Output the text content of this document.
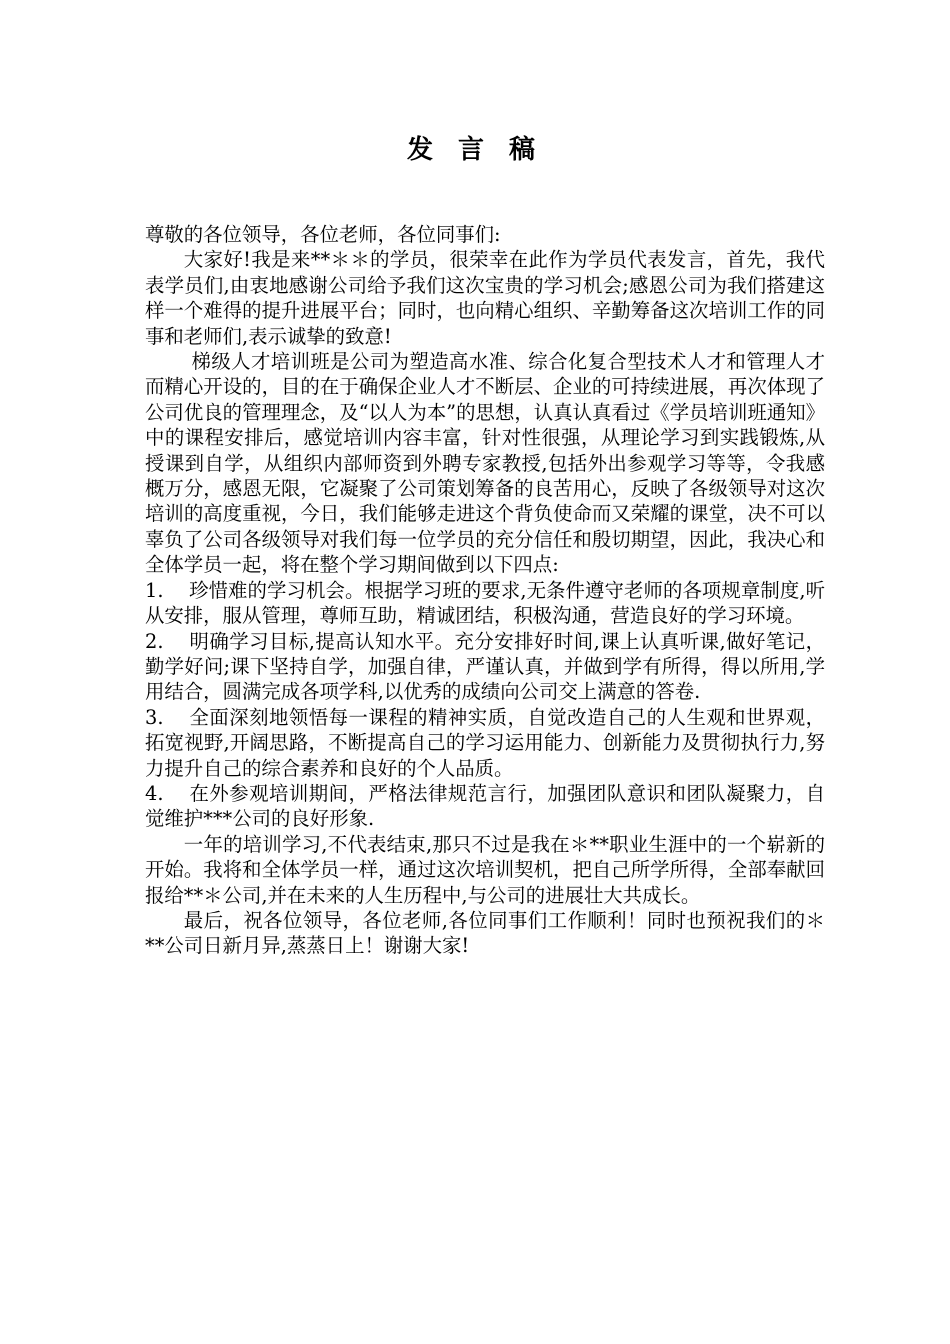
发 言 稿

尊敬的各位领导，各位老师，各位同事们:

大家好!我是来**＊＊的学员，很荣幸在此作为学员代表发言，首先，我代表学员们,由衷地感谢公司给予我们这次宝贵的学习机会;感恩公司为我们搭建这样一个难得的提升进展平台；同时，也向精心组织、辛勤筹备这次培训工作的同事和老师们,表示诚挚的致意!

梯级人才培训班是公司为塑造高水准、综合化复合型技术人才和管理人才而精心开设的，目的在于确保企业人才不断层、企业的可持续进展，再次体现了公司优良的管理理念，及“以人为本”的思想，认真认真看过《学员培训班通知》中的课程安排后，感觉培训内容丰富，针对性很强，从理论学习到实践锻炼,从授课到自学，从组织内部师资到外聘专家教授,包括外出参观学习等等，令我感概万分，感恩无限，它凝聚了公司策划筹备的良苦用心，反映了各级领导对这次培训的高度重视，今日，我们能够走进这个背负使命而又荣耀的课堂，决不可以辜负了公司各级领导对我们每一位学员的充分信任和殷切期望，因此，我决心和全体学员一起，将在整个学习期间做到以下四点:

1. 珍惜难的学习机会。根据学习班的要求,无条件遵守老师的各项规章制度,听从安排，服从管理，尊师互助，精诚团结，积极沟通，营造良好的学习环境。

2. 明确学习目标,提高认知水平。充分安排好时间,课上认真听课,做好笔记，勤学好问;课下坚持自学，加强自律，严谨认真，并做到学有所得，得以所用,学用结合，圆满完成各项学科,以优秀的成绩向公司交上满意的答卷.

3. 全面深刻地领悟每一课程的精神实质，自觉改造自己的人生观和世界观，拓宽视野,开阔思路，不断提高自己的学习运用能力、创新能力及贯彻执行力,努力提升自己的综合素养和良好的个人品质。

4. 在外参观培训期间，严格法律规范言行，加强团队意识和团队凝聚力，自觉维护***公司的良好形象.

一年的培训学习,不代表结束,那只不过是我在＊**职业生涯中的一个崭新的开始。我将和全体学员一样，通过这次培训契机，把自己所学所得，全部奉献回报给**＊公司,并在未来的人生历程中,与公司的进展壮大共成长。

最后，祝各位领导，各位老师,各位同事们工作顺利！同时也预祝我们的＊**公司日新月异,蒸蒸日上！谢谢大家!
